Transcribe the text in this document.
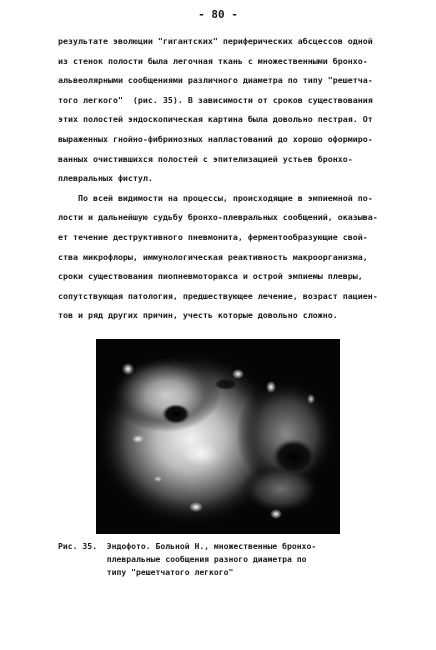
- 80 -
результате эволюции "гигантских" периферических абсцессов одной
из стенок полости была легочная ткань с множественными бронхо-
альвеолярными сообщениями различного диаметра по типу "решетча-
того легкого"  (рис. 35). В зависимости от сроков существования
этих полостей эндоскопическая картина была довольно пестрая. От
выраженных гнойно-фибринозных напластований до хорошо оформиро-
ванных очистившихся полостей с эпителизацией устьев бронхо-
плевральных фистул.
По всей видимости на процессы, происходящие в эмпиемной по-
лости и дальнейшую судьбу бронхо-плевральных сообщений, оказыва-
ет течение деструктивного пневмонита, ферментообразующие свой-
ства микрофлоры, иммунологическая реактивность макроорганизма,
сроки существования пиопневмоторакса и острой эмпиемы плевры,
сопутствующая патология, предшествующее лечение, возраст пациен-
тов и ряд других причин, учесть которые довольно сложно.
Рис. 35.  Эндофото. Больной Н., множественные бронхо-
плевральные сообщения разного диаметра по
типу "решетчатого легкого"
